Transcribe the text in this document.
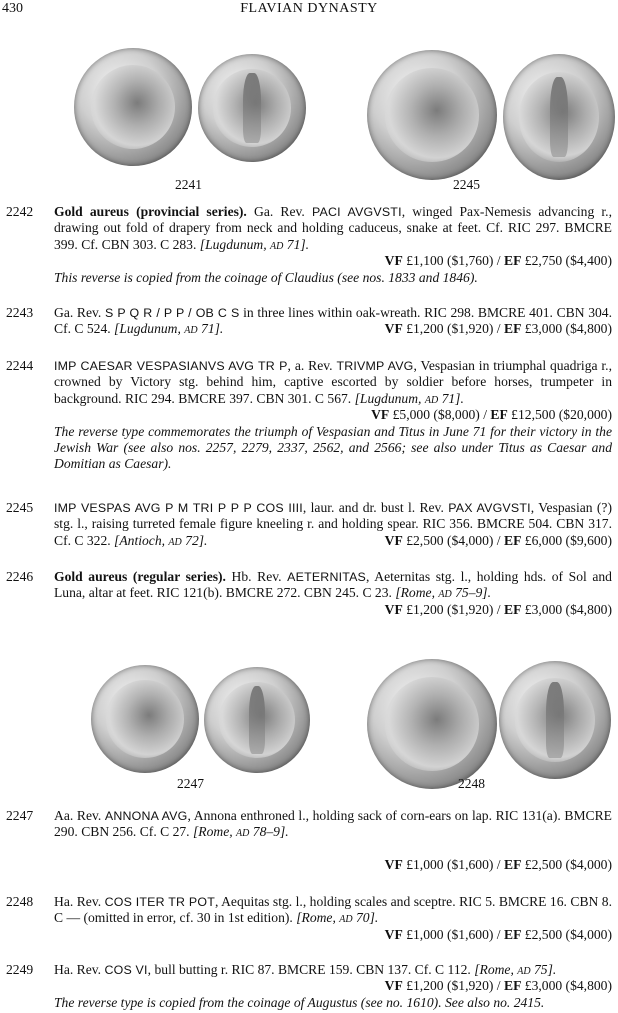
430	FLAVIAN DYNASTY
2241	2245
2242	Gold aureus (provincial series). Ga. Rev. PACI AVGVSTI, winged Pax-Nemesis advancing r., drawing out fold of drapery from neck and holding caduceus, snake at feet. Cf. RIC 297. BMCRE 399. Cf. CBN 303. C 283. [Lugdunum, ad 71].

VF £1,100 ($1,760) / EF £2,750 ($4,400)

This reverse is copied from the coinage of Claudius (see nos. 1833 and 1846).

2243	Ga. Rev. S P Q R / P P / OB C S in three lines within oak-wreath. RIC 298. BMCRE 401. CBN 304. Cf. C 524. [Lugdunum, ad 71].	VF £1,200 ($1,920) / EF £3,000 ($4,800)

2244	IMP CAESAR VESPASIANVS AVG TR P, a. Rev. TRIVMP AVG, Vespasian in triumphal quadriga r., crowned by Victory stg. behind him, captive escorted by soldier before horses, trumpeter in background. RIC 294. BMCRE 397. CBN 301. C 567. [Lugdunum, ad 71].

VF £5,000 ($8,000) / EF £12,500 ($20,000)

The reverse type commemorates the triumph of Vespasian and Titus in June 71 for their victory in the Jewish War (see also nos. 2257, 2279, 2337, 2562, and 2566; see also under Titus as Caesar and Domitian as Caesar).

2245	IMP VESPAS AVG P M TRI P P P COS IIII, laur. and dr. bust l. Rev. PAX AVGVSTI, Vespasian (?) stg. l., raising turreted female figure kneeling r. and holding spear. RIC 356. BMCRE 504. CBN 317. Cf. C 322. [Antioch, ad 72].	VF £2,500 ($4,000) / EF £6,000 ($9,600)

2246	Gold aureus (regular series). Hb. Rev. AETERNITAS, Aeternitas stg. l., holding hds. of Sol and Luna, altar at feet. RIC 121(b). BMCRE 272. CBN 245. C 23. [Rome, ad 75–9].

VF £1,200 ($1,920) / EF £3,000 ($4,800)

2247	2248
2247	Aa. Rev. ANNONA AVG, Annona enthroned l., holding sack of corn-ears on lap. RIC 131(a). BMCRE 290. CBN 256. Cf. C 27. [Rome, ad 78–9].

VF £1,000 ($1,600) / EF £2,500 ($4,000)

2248	Ha. Rev. COS ITER TR POT, Aequitas stg. l., holding scales and sceptre. RIC 5. BMCRE 16. CBN 8. C — (omitted in error, cf. 30 in 1st edition). [Rome, ad 70].

VF £1,000 ($1,600) / EF £2,500 ($4,000)

2249	Ha. Rev. COS VI, bull butting r. RIC 87. BMCRE 159. CBN 137. Cf. C 112. [Rome, ad 75].
VF £1,200 ($1,920) / EF £3,000 ($4,800)

The reverse type is copied from the coinage of Augustus (see no. 1610). See also no. 2415.
